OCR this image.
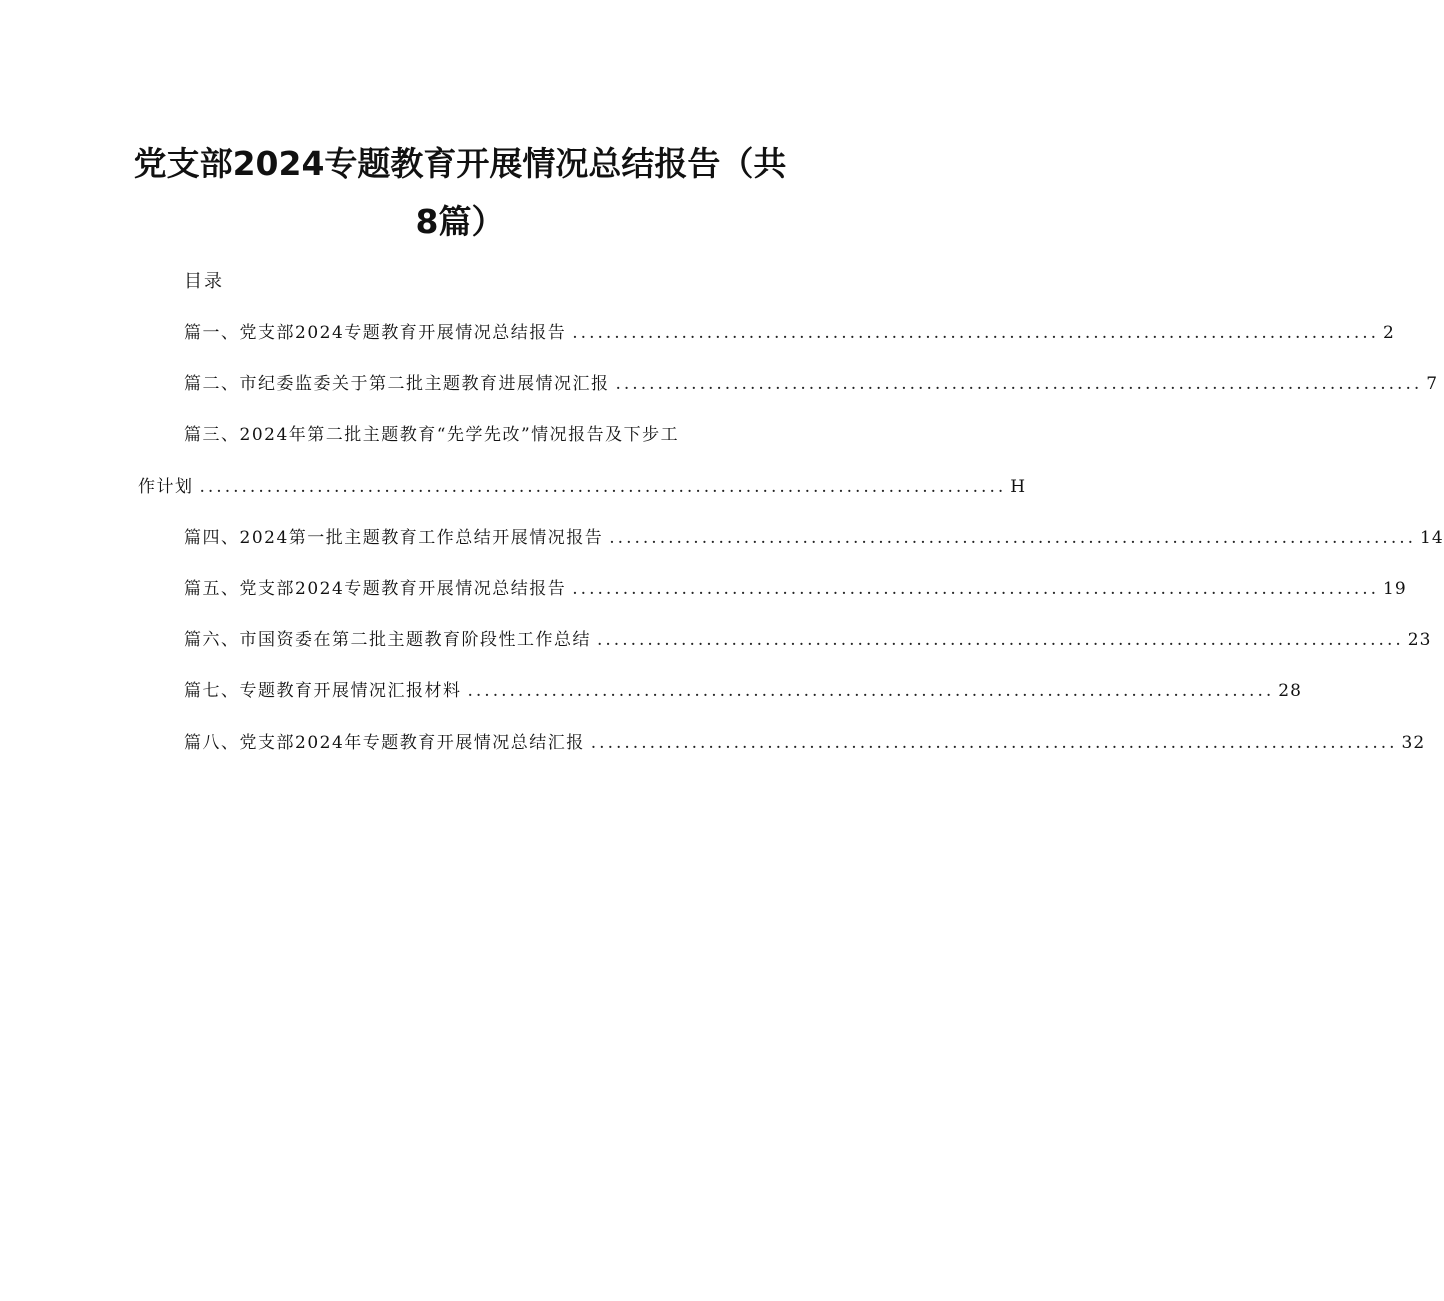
党支部2024专题教育开展情况总结报告（共
8篇）
目录
篇一、党支部2024专题教育开展情况总结报告 ................................................................................................ 2
篇二、市纪委监委关于第二批主题教育进展情况汇报 ................................................................................................ 7
篇三、2024年第二批主题教育“先学先改”情况报告及下步工
作计划 ................................................................................................ H
篇四、2024第一批主题教育工作总结开展情况报告 ................................................................................................ 14
篇五、党支部2024专题教育开展情况总结报告 ................................................................................................ 19
篇六、市国资委在第二批主题教育阶段性工作总结 ................................................................................................ 23
篇七、专题教育开展情况汇报材料 ................................................................................................ 28
篇八、党支部2024年专题教育开展情况总结汇报 ................................................................................................ 32
